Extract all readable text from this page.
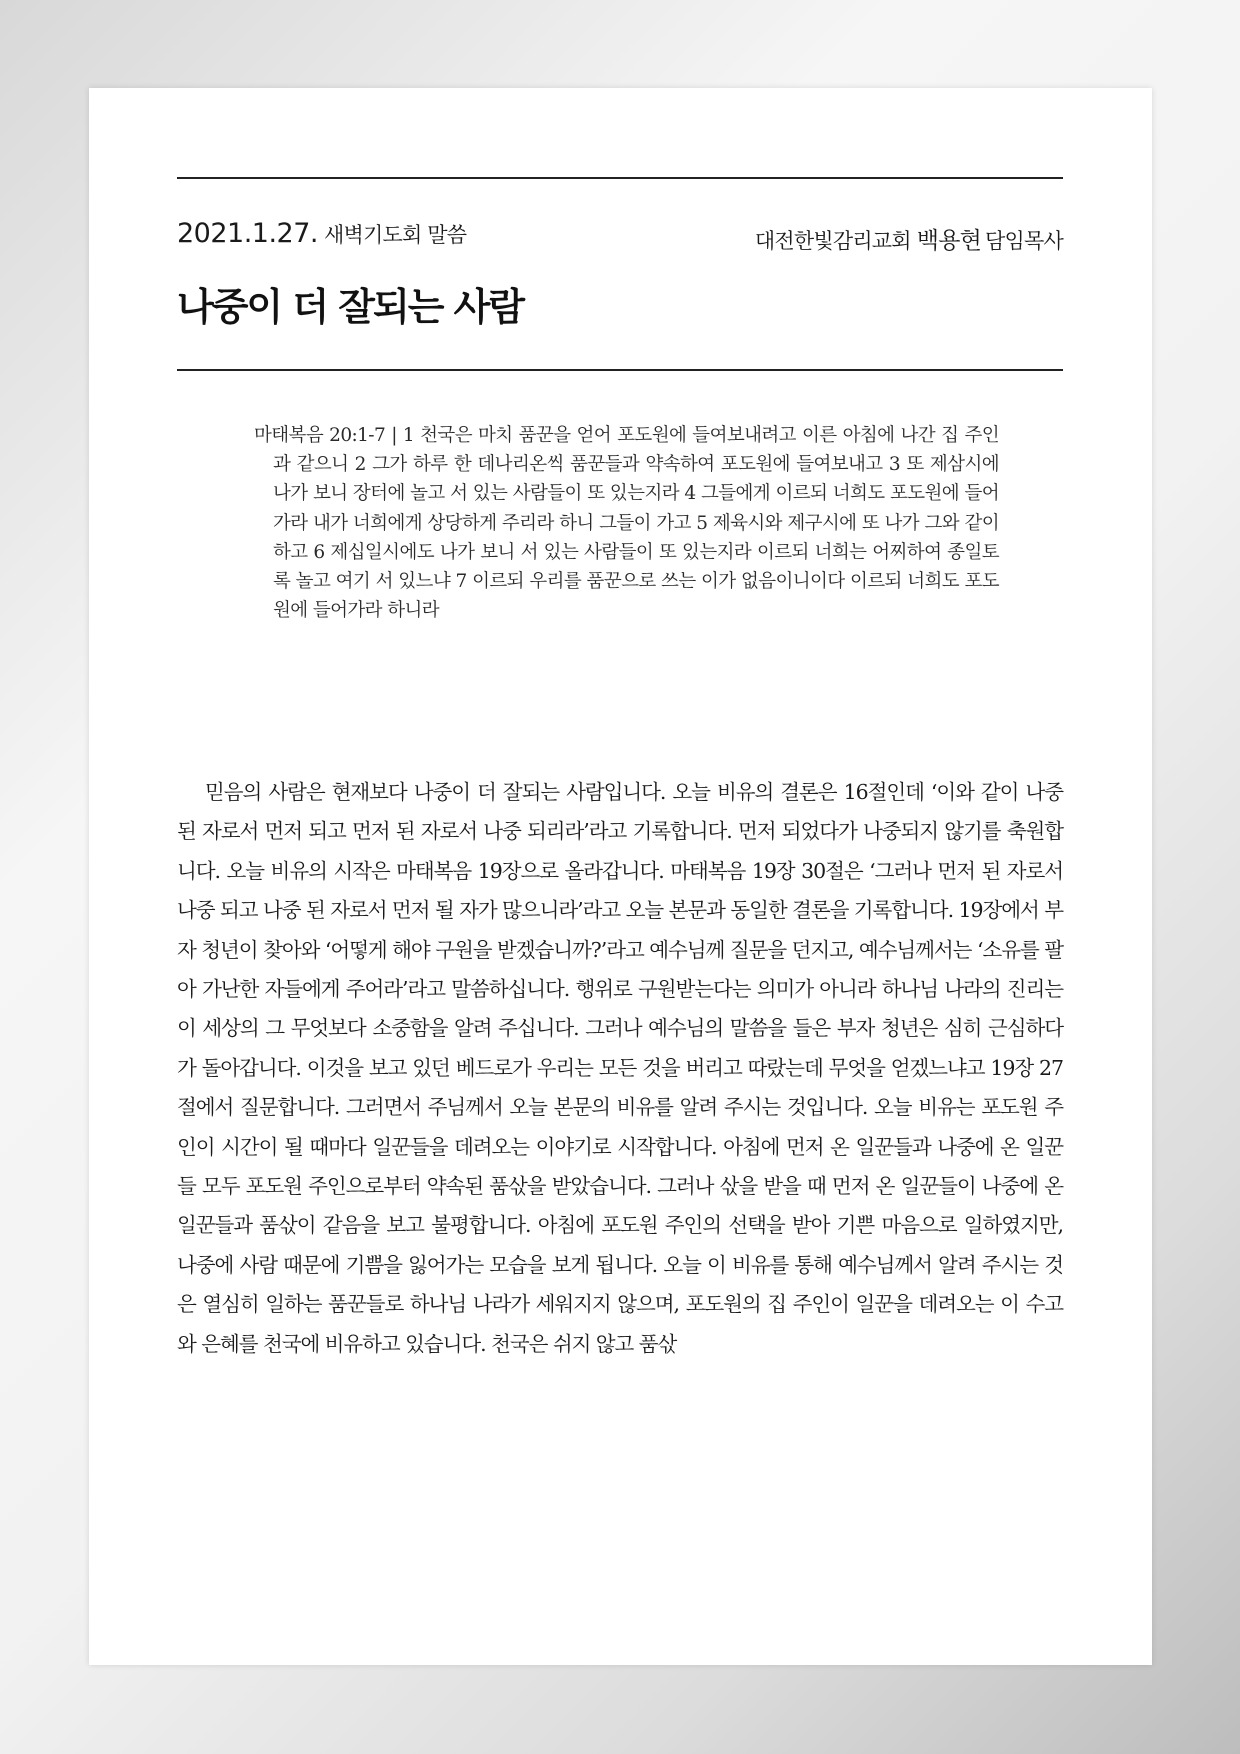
2021.1.27. 새벽기도회 말씀	대전한빛감리교회 백용현 담임목사
나중이 더 잘되는 사람

마태복음 20:1-7 | 1 천국은 마치 품꾼을 얻어 포도원에 들여보내려고 이른 아침에 나간 집 주인과 같으니 2 그가 하루 한 데나리온씩 품꾼들과 약속하여 포도원에 들여보내고 3 또 제삼시에 나가 보니 장터에 놀고 서 있는 사람들이 또 있는지라 4 그들에게 이르되 너희도 포도원에 들어가라 내가 너희에게 상당하게 주리라 하니 그들이 가고 5 제육시와 제구시에 또 나가 그와 같이 하고 6 제십일시에도 나가 보니 서 있는 사람들이 또 있는지라 이르되 너희는 어찌하여 종일토록 놀고 여기 서 있느냐 7 이르되 우리를 품꾼으로 쓰는 이가 없음이니이다 이르되 너희도 포도원에 들어가라 하니라

믿음의 사람은 현재보다 나중이 더 잘되는 사람입니다. 오늘 비유의 결론은 16절인데 ‘이와 같이 나중 된 자로서 먼저 되고 먼저 된 자로서 나중 되리라’라고 기록합니다. 먼저 되었다가 나중되지 않기를 축원합니다. 오늘 비유의 시작은 마태복음 19장으로 올라갑니다. 마태복음 19장 30절은 ‘그러나 먼저 된 자로서 나중 되고 나중 된 자로서 먼저 될 자가 많으니라’라고 오늘 본문과 동일한 결론을 기록합니다. 19장에서 부자 청년이 찾아와 ‘어떻게 해야 구원을 받겠습니까?’라고 예수님께 질문을 던지고, 예수님께서는 ‘소유를 팔아 가난한 자들에게 주어라’라고 말씀하십니다. 행위로 구원받는다는 의미가 아니라 하나님 나라의 진리는 이 세상의 그 무엇보다 소중함을 알려 주십니다. 그러나 예수님의 말씀을 들은 부자 청년은 심히 근심하다가 돌아갑니다. 이것을 보고 있던 베드로가 우리는 모든 것을 버리고 따랐는데 무엇을 얻겠느냐고 19장 27절에서 질문합니다. 그러면서 주님께서 오늘 본문의 비유를 알려 주시는 것입니다. 오늘 비유는 포도원 주인이 시간이 될 때마다 일꾼들을 데려오는 이야기로 시작합니다. 아침에 먼저 온 일꾼들과 나중에 온 일꾼들 모두 포도원 주인으로부터 약속된 품삯을 받았습니다. 그러나 삯을 받을 때 먼저 온 일꾼들이 나중에 온 일꾼들과 품삯이 같음을 보고 불평합니다. 아침에 포도원 주인의 선택을 받아 기쁜 마음으로 일하였지만, 나중에 사람 때문에 기쁨을 잃어가는 모습을 보게 됩니다. 오늘 이 비유를 통해 예수님께서 알려 주시는 것은 열심히 일하는 품꾼들로 하나님 나라가 세워지지 않으며, 포도원의 집 주인이 일꾼을 데려오는 이 수고와 은혜를 천국에 비유하고 있습니다. 천국은 쉬지 않고 품삯
